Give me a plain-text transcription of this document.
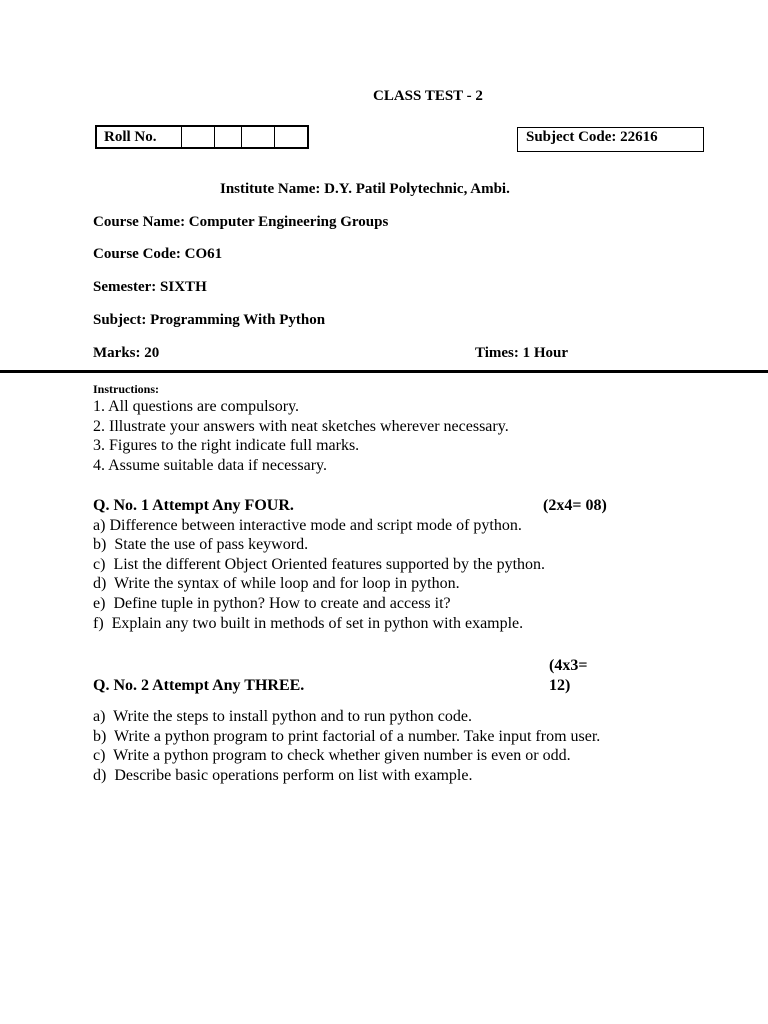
CLASS TEST - 2
Roll No.					Subject Code: 22616
Institute Name: D.Y. Patil Polytechnic, Ambi.
Course Name: Computer Engineering Groups
Course Code: CO61
Semester: SIXTH
Subject: Programming With Python
Marks: 20	Times: 1 Hour
Instructions:
1. All questions are compulsory.
2. Illustrate your answers with neat sketches wherever necessary.
3. Figures to the right indicate full marks.
4. Assume suitable data if necessary.
Q. No. 1 Attempt Any FOUR.	(2x4= 08)
a) Difference between interactive mode and script mode of python.
b) State the use of pass keyword.
c) List the different Object Oriented features supported by the python.
d) Write the syntax of while loop and for loop in python.
e) Define tuple in python? How to create and access it?
f) Explain any two built in methods of set in python with example.
(4x3=
Q. No. 2 Attempt Any THREE.	12)
a) Write the steps to install python and to run python code.
b) Write a python program to print factorial of a number. Take input from user.
c) Write a python program to check whether given number is even or odd.
d) Describe basic operations perform on list with example.
